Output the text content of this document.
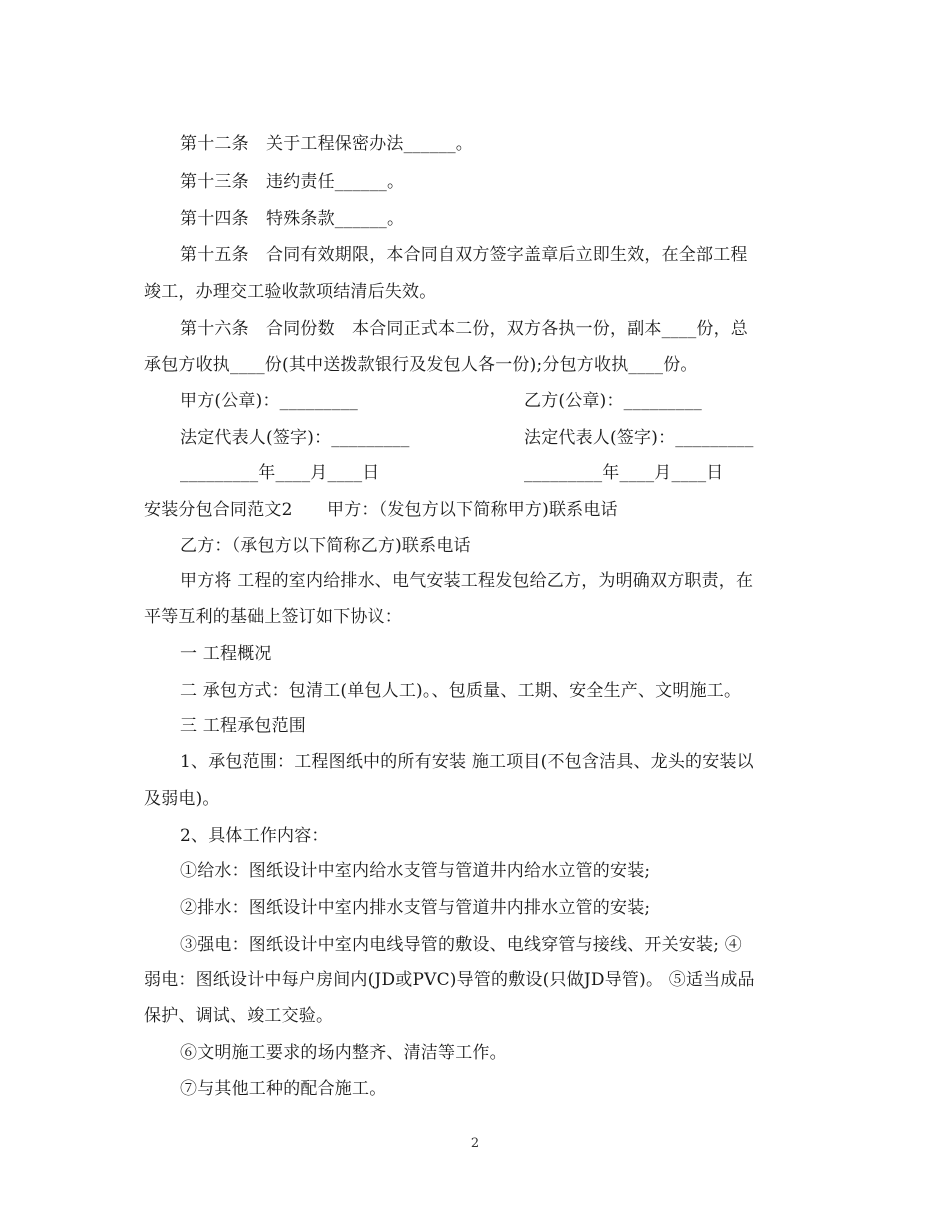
第十二条　关于工程保密办法______。
第十三条　违约责任______。
第十四条　特殊条款______。
第十五条　合同有效期限，本合同自双方签字盖章后立即生效，在全部工程
竣工，办理交工验收款项结清后失效。
第十六条　合同份数　本合同正式本二份，双方各执一份，副本____份，总
承包方收执____份(其中送拨款银行及发包人各一份);分包方收执____份。
甲方(公章)：_________	乙方(公章)：_________
法定代表人(签字)：_________	法定代表人(签字)：_________
_________年____月____日	_________年____月____日
安装分包合同范文2　　甲方：（发包方以下简称甲方)联系电话
乙方：（承包方以下简称乙方)联系电话
甲方将 工程的室内给排水、电气安装工程发包给乙方，为明确双方职责，在
平等互利的基础上签订如下协议：
一 工程概况
二 承包方式：包清工(单包人工)。、包质量、工期、安全生产、文明施工。
三 工程承包范围
1、承包范围：工程图纸中的所有安装 施工项目(不包含洁具、龙头的安装以
及弱电)。
2、具体工作内容：
①给水：图纸设计中室内给水支管与管道井内给水立管的安装;
②排水：图纸设计中室内排水支管与管道井内排水立管的安装;
③强电：图纸设计中室内电线导管的敷设、电线穿管与接线、开关安装; ④
弱电：图纸设计中每户房间内(JD或PVC)导管的敷设(只做JD导管)。 ⑤适当成品
保护、调试、竣工交验。
⑥文明施工要求的场内整齐、清洁等工作。
⑦与其他工种的配合施工。
2
